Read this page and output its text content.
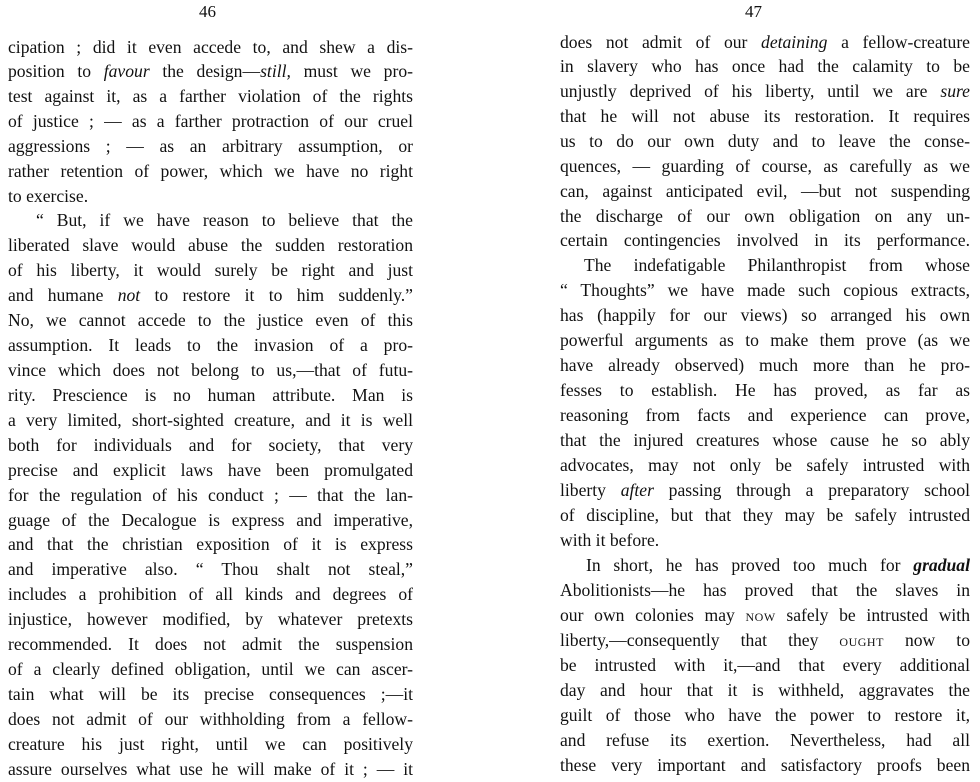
46
cipation ; did it even accede to, and shew a dis-
position to favour the design—still, must we pro-
test against it, as a farther violation of the rights
of justice ; — as a farther protraction of our cruel
aggressions ; — as an arbitrary assumption, or
rather retention of power, which we have no right
to exercise.
“ But, if we have reason to believe that the
liberated slave would abuse the sudden restoration
of his liberty, it would surely be right and just
and humane not to restore it to him suddenly.”
No, we cannot accede to the justice even of this
assumption. It leads to the invasion of a pro-
vince which does not belong to us,—that of futu-
rity. Prescience is no human attribute. Man is
a very limited, short-sighted creature, and it is well
both for individuals and for society, that very
precise and explicit laws have been promulgated
for the regulation of his conduct ; — that the lan-
guage of the Decalogue is express and imperative,
and that the christian exposition of it is express
and imperative also. “ Thou shalt not steal,”
includes a prohibition of all kinds and degrees of
injustice, however modified, by whatever pretexts
recommended. It does not admit the suspension
of a clearly defined obligation, until we can ascer-
tain what will be its precise consequences ;—it
does not admit of our withholding from a fellow-
creature his just right, until we can positively
assure ourselves what use he will make of it ; — it
47
does not admit of our detaining a fellow-creature
in slavery who has once had the calamity to be
unjustly deprived of his liberty, until we are sure
that he will not abuse its restoration. It requires
us to do our own duty and to leave the conse-
quences, — guarding of course, as carefully as we
can, against anticipated evil, —but not suspending
the discharge of our own obligation on any un-
certain contingencies involved in its performance.
The indefatigable Philanthropist from whose
“ Thoughts” we have made such copious extracts,
has (happily for our views) so arranged his own
powerful arguments as to make them prove (as we
have already observed) much more than he pro-
fesses to establish. He has proved, as far as
reasoning from facts and experience can prove,
that the injured creatures whose cause he so ably
advocates, may not only be safely intrusted with
liberty after passing through a preparatory school
of discipline, but that they may be safely intrusted
with it before.
In short, he has proved too much for gradual
Abolitionists—he has proved that the slaves in
our own colonies may now safely be intrusted with
liberty,—consequently that they ought now to
be intrusted with it,—and that every additional
day and hour that it is withheld, aggravates the
guilt of those who have the power to restore it,
and refuse its exertion. Nevertheless, had all
these very important and satisfactory proofs been
